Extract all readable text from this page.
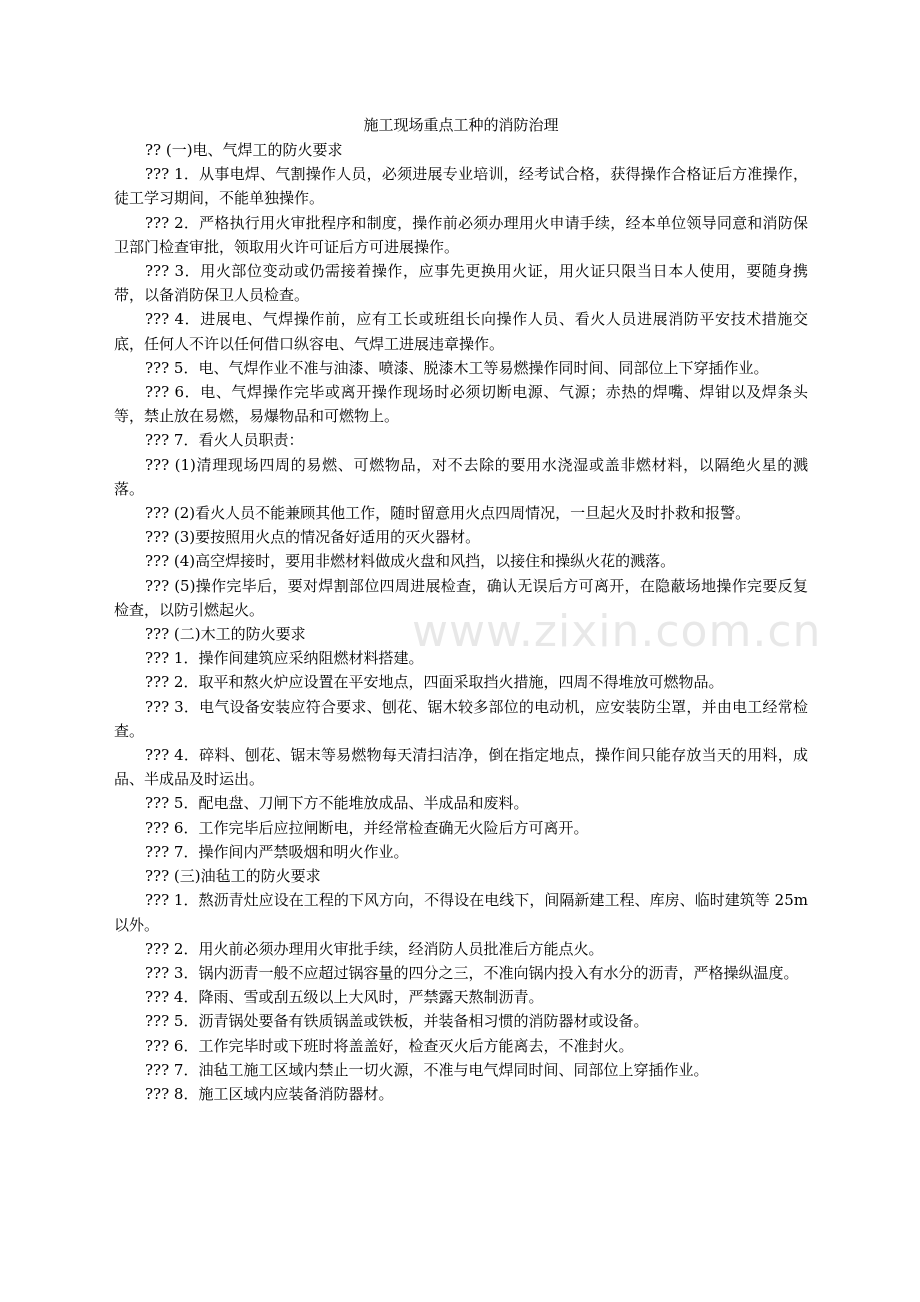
施工现场重点工种的消防治理

?? (一)电、气焊工的防火要求

??? 1．从事电焊、气割操作人员，必须进展专业培训，经考试合格，获得操作合格证后方准操作，徒工学习期间，不能单独操作。

??? 2．严格执行用火审批程序和制度，操作前必须办理用火申请手续，经本单位领导同意和消防保卫部门检查审批，领取用火许可证后方可进展操作。

??? 3．用火部位变动或仍需接着操作，应事先更换用火证，用火证只限当日本人使用，要随身携带，以备消防保卫人员检查。

??? 4．进展电、气焊操作前，应有工长或班组长向操作人员、看火人员进展消防平安技术措施交底，任何人不许以任何借口纵容电、气焊工进展违章操作。

??? 5．电、气焊作业不准与油漆、喷漆、脱漆木工等易燃操作同时间、同部位上下穿插作业。

??? 6．电、气焊操作完毕或离开操作现场时必须切断电源、气源；赤热的焊嘴、焊钳以及焊条头等，禁止放在易燃，易爆物品和可燃物上。

??? 7．看火人员职责：

??? (1)清理现场四周的易燃、可燃物品，对不去除的要用水浇湿或盖非燃材料，以隔绝火星的溅落。

??? (2)看火人员不能兼顾其他工作，随时留意用火点四周情况，一旦起火及时扑救和报警。

??? (3)要按照用火点的情况备好适用的灭火器材。

??? (4)高空焊接时，要用非燃材料做成火盘和风挡，以接住和操纵火花的溅落。

??? (5)操作完毕后，要对焊割部位四周进展检查，确认无误后方可离开，在隐蔽场地操作完要反复检查，以防引燃起火。

??? (二)木工的防火要求

??? 1．操作间建筑应采纳阻燃材料搭建。

??? 2．取平和熬火炉应设置在平安地点，四面采取挡火措施，四周不得堆放可燃物品。

??? 3．电气设备安装应符合要求、刨花、锯木较多部位的电动机，应安装防尘罩，并由电工经常检查。

??? 4．碎料、刨花、锯末等易燃物每天清扫洁净，倒在指定地点，操作间只能存放当天的用料，成品、半成品及时运出。

??? 5．配电盘、刀闸下方不能堆放成品、半成品和废料。

??? 6．工作完毕后应拉闸断电，并经常检查确无火险后方可离开。

??? 7．操作间内严禁吸烟和明火作业。

??? (三)油毡工的防火要求

??? 1．熬沥青灶应设在工程的下风方向，不得设在电线下，间隔新建工程、库房、临时建筑等 25m 以外。

??? 2．用火前必须办理用火审批手续，经消防人员批准后方能点火。

??? 3．锅内沥青一般不应超过锅容量的四分之三，不准向锅内投入有水分的沥青，严格操纵温度。

??? 4．降雨、雪或刮五级以上大风时，严禁露天熬制沥青。

??? 5．沥青锅处要备有铁质锅盖或铁板，并装备相习惯的消防器材或设备。

??? 6．工作完毕时或下班时将盖盖好，检查灭火后方能离去，不准封火。

??? 7．油毡工施工区域内禁止一切火源，不准与电气焊同时间、同部位上穿插作业。

??? 8．施工区域内应装备消防器材。

www.zixin.com.cn
